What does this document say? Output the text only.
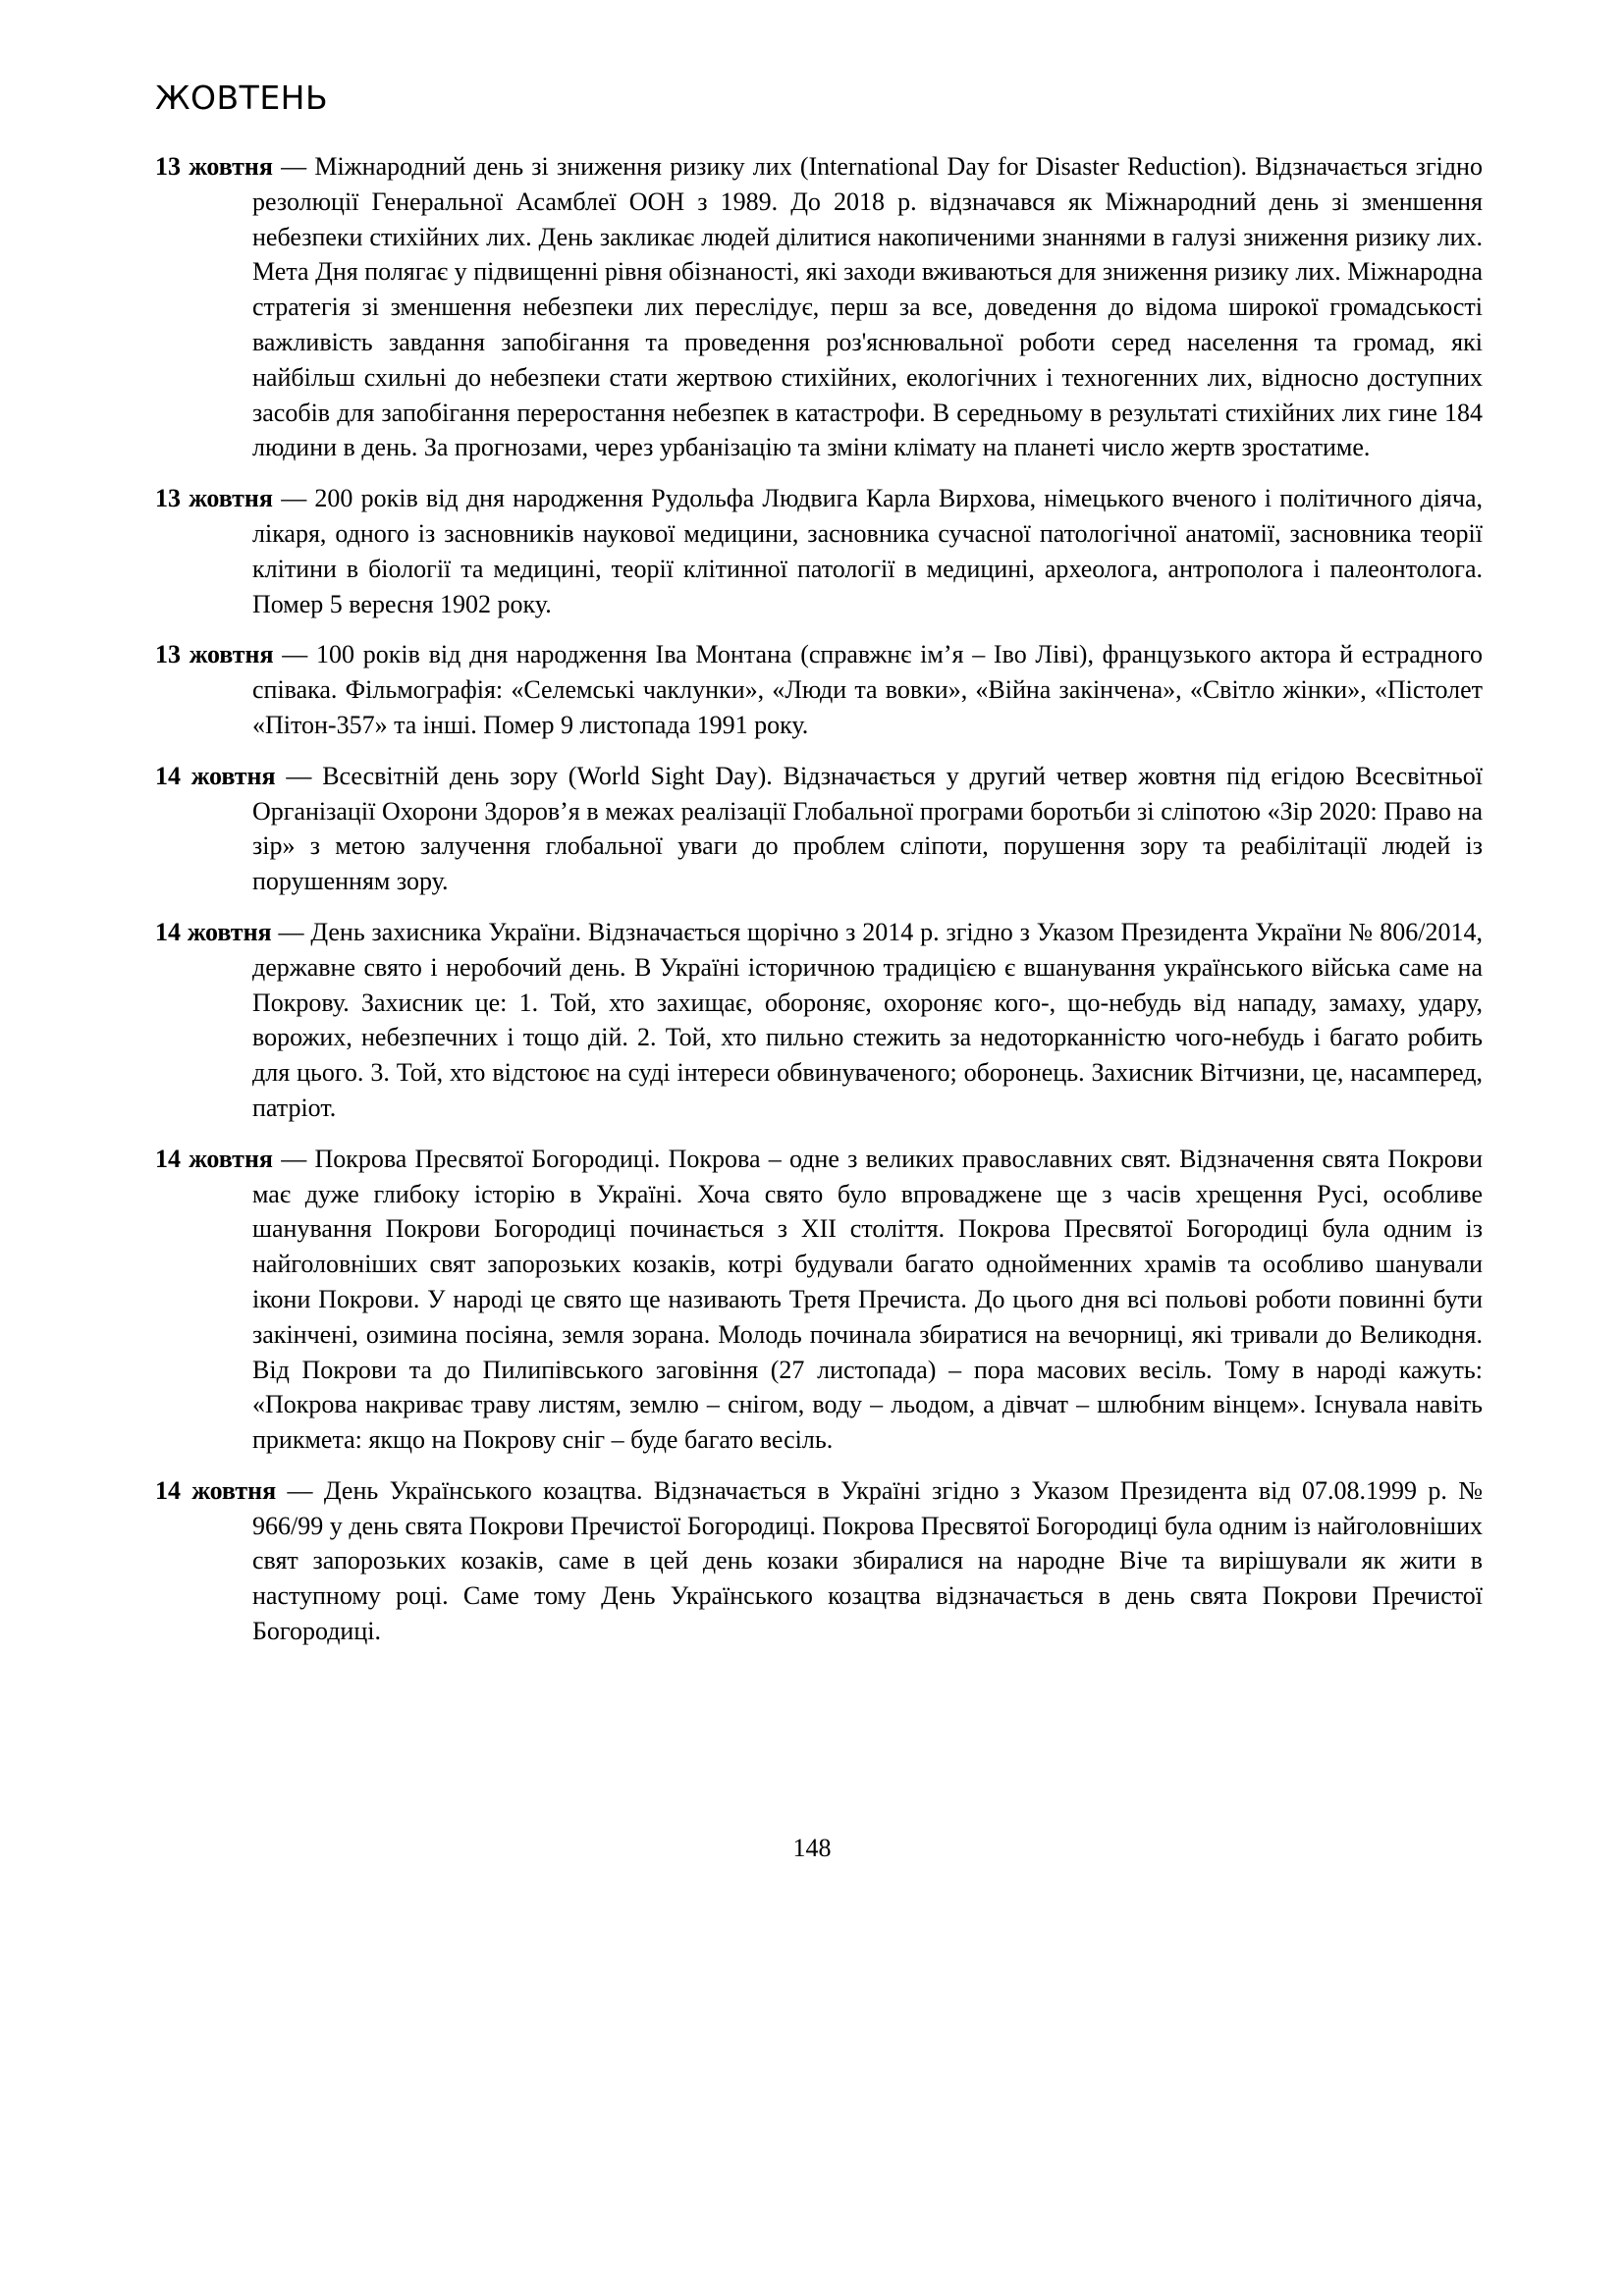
ЖОВТЕНЬ

13 жовтня — Міжнародний день зі зниження ризику лих (International Day for Disaster Reduction). Відзначається згідно резолюції Генеральної Асамблеї ООН з 1989. До 2018 р. відзначався як Міжнародний день зі зменшення небезпеки стихійних лих. День закликає людей ділитися накопиченими знаннями в галузі зниження ризику лих. Мета Дня полягає у підвищенні рівня обізнаності, які заходи вживаються для зниження ризику лих. Міжнародна стратегія зі зменшення небезпеки лих переслідує, перш за все, доведення до відома широкої громадськості важливість завдання запобігання та проведення роз'яснювальної роботи серед населення та громад, які найбільш схильні до небезпеки стати жертвою стихійних, екологічних і техногенних лих, відносно доступних засобів для запобігання переростання небезпек в катастрофи. В середньому в результаті стихійних лих гине 184 людини в день. За прогнозами, через урбанізацію та зміни клімату на планеті число жертв зростатиме.

13 жовтня — 200 років від дня народження Рудольфа Людвига Карла Вирхова, німецького вченого і політичного діяча, лікаря, одного із засновників наукової медицини, засновника сучасної патологічної анатомії, засновника теорії клітини в біології та медицині, теорії клітинної патології в медицині, археолога, антрополога і палеонтолога. Помер 5 вересня 1902 року.

13 жовтня — 100 років від дня народження Іва Монтана (справжнє ім’я – Іво Ліві), французького актора й естрадного співака. Фільмографія: «Селемські чаклунки», «Люди та вовки», «Війна закінчена», «Світло жінки», «Пістолет «Пітон-357» та інші. Помер 9 листопада 1991 року.

14 жовтня — Всесвітній день зору (World Sight Day). Відзначається у другий четвер жовтня під егідою Всесвітньої Організації Охорони Здоров’я в межах реалізації Глобальної програми боротьби зі сліпотою «Зір 2020: Право на зір» з метою залучення глобальної уваги до проблем сліпоти, порушення зору та реабілітації людей із порушенням зору.

14 жовтня — День захисника України. Відзначається щорічно з 2014 р. згідно з Указом Президента України № 806/2014, державне свято і неробочий день. В Україні історичною традицією є вшанування українського війська саме на Покрову. Захисник це: 1. Той, хто захищає, обороняє, охороняє кого-, що-небудь від нападу, замаху, удару, ворожих, небезпечних і тощо дій. 2. Той, хто пильно стежить за недоторканністю чого-небудь і багато робить для цього. 3. Той, хто відстоює на суді інтереси обвинуваченого; оборонець. Захисник Вітчизни, це, насамперед, патріот.

14 жовтня — Покрова Пресвятої Богородиці. Покрова – одне з великих православних свят. Відзначення свята Покрови має дуже глибоку історію в Україні. Хоча свято було впроваджене ще з часів хрещення Русі, особливе шанування Покрови Богородиці починається з XII століття. Покрова Пресвятої Богородиці була одним із найголовніших свят запорозьких козаків, котрі будували багато однойменних храмів та особливо шанували ікони Покрови. У народі це свято ще називають Третя Пречиста. До цього дня всі польові роботи повинні бути закінчені, озимина посіяна, земля зорана. Молодь починала збиратися на вечорниці, які тривали до Великодня. Від Покрови та до Пилипівського заговіння (27 листопада) – пора масових весіль. Тому в народі кажуть: «Покрова накриває траву листям, землю – снігом, воду – льодом, а дівчат – шлюбним вінцем». Існувала навіть прикмета: якщо на Покрову сніг – буде багато весіль.

14 жовтня — День Українського козацтва. Відзначається в Україні згідно з Указом Президента від 07.08.1999 р. № 966/99 у день свята Покрови Пречистої Богородиці. Покрова Пресвятої Богородиці була одним із найголовніших свят запорозьких козаків, саме в цей день козаки збиралися на народне Віче та вирішували як жити в наступному році. Саме тому День Українського козацтва відзначається в день свята Покрови Пречистої Богородиці.

148
